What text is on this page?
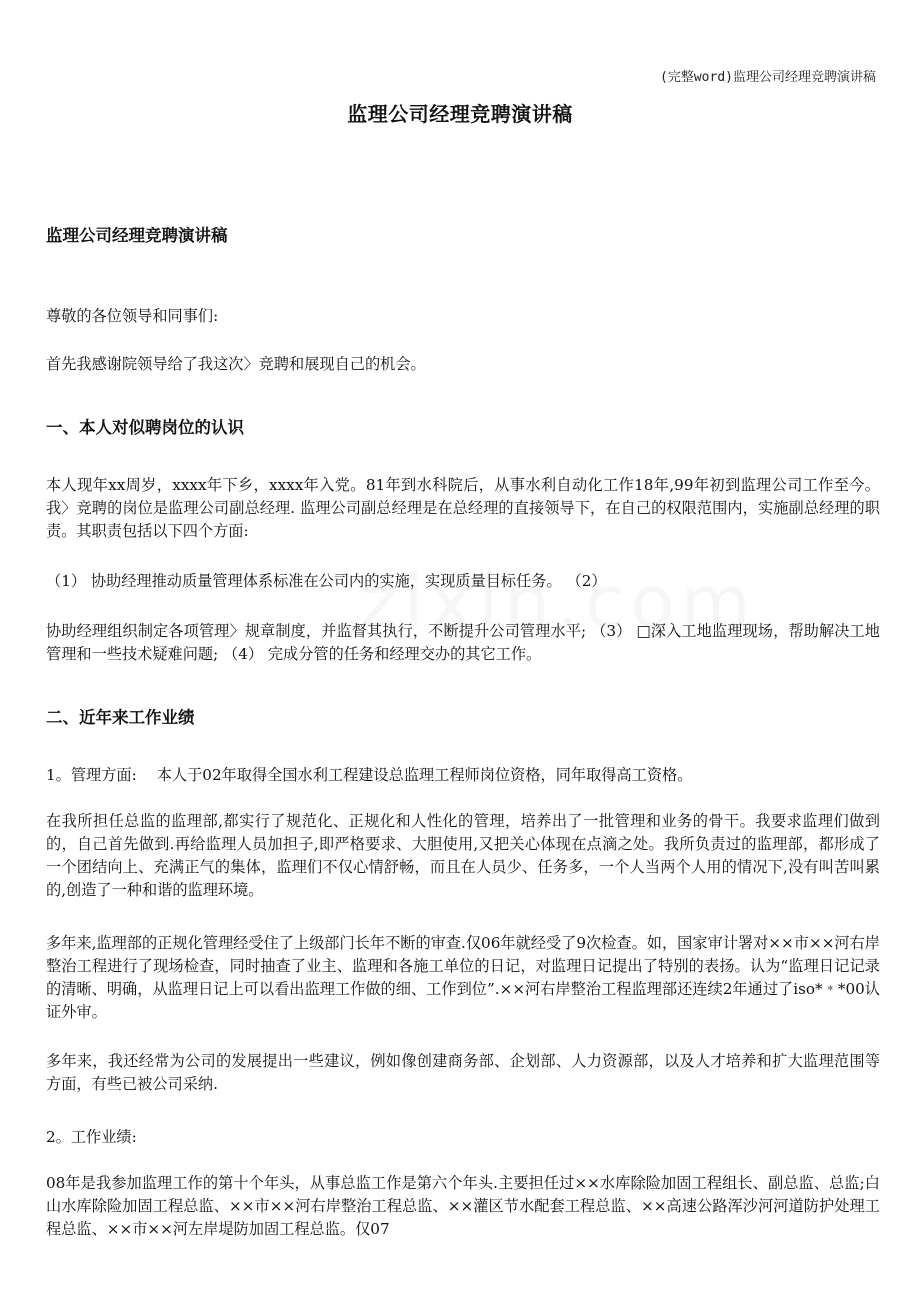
(完整word)监理公司经理竞聘演讲稿
监理公司经理竞聘演讲稿
监理公司经理竞聘演讲稿
尊敬的各位领导和同事们:
首先我感谢院领导给了我这次〉竞聘和展现自己的机会。
一、本人对似聘岗位的认识
本人现年xx周岁，xxxx年下乡，xxxx年入党。81年到水科院后，从事水利自动化工作18年,99年初到监理公司工作至今。我〉竞聘的岗位是监理公司副总经理. 监理公司副总经理是在总经理的直接领导下，在自己的权限范围内，实施副总经理的职责。其职责包括以下四个方面:
（1） 协助经理推动质量管理体系标准在公司内的实施，实现质量目标任务。 （2）
协助经理组织制定各项管理〉规章制度，并监督其执行，不断提升公司管理水平; （3） □深入工地监理现场，帮助解决工地管理和一些技术疑难问题; （4） 完成分管的任务和经理交办的其它工作。
二、近年来工作业绩
1。管理方面:　 本人于02年取得全国水利工程建设总监理工程师岗位资格，同年取得高工资格。
在我所担任总监的监理部,都实行了规范化、正规化和人性化的管理，培养出了一批管理和业务的骨干。我要求监理们做到的，自己首先做到.再给监理人员加担子,即严格要求、大胆使用,又把关心体现在点滴之处。我所负责过的监理部，都形成了一个团结向上、充满正气的集体，监理们不仅心情舒畅，而且在人员少、任务多，一个人当两个人用的情况下,没有叫苦叫累的,创造了一种和谐的监理环境。
多年来,监理部的正规化管理经受住了上级部门长年不断的审查.仅06年就经受了9次检查。如，国家审计署对××市××河右岸整治工程进行了现场检查，同时抽查了业主、监理和各施工单位的日记，对监理日记提出了特别的表扬。认为“监理日记记录的清晰、明确，从监理日记上可以看出监理工作做的细、工作到位”.××河右岸整治工程监理部还连续2年通过了iso*﹡*00认证外审。
多年来，我还经常为公司的发展提出一些建议，例如像创建商务部、企划部、人力资源部，以及人才培养和扩大监理范围等方面，有些已被公司采纳.
2。工作业绩:
08年是我参加监理工作的第十个年头，从事总监工作是第六个年头.主要担任过××水库除险加固工程组长、副总监、总监;白山水库除险加固工程总监、××市××河右岸整治工程总监、××灌区节水配套工程总监、××高速公路浑沙河河道防护处理工程总监、××市××河左岸堤防加固工程总监。仅07
